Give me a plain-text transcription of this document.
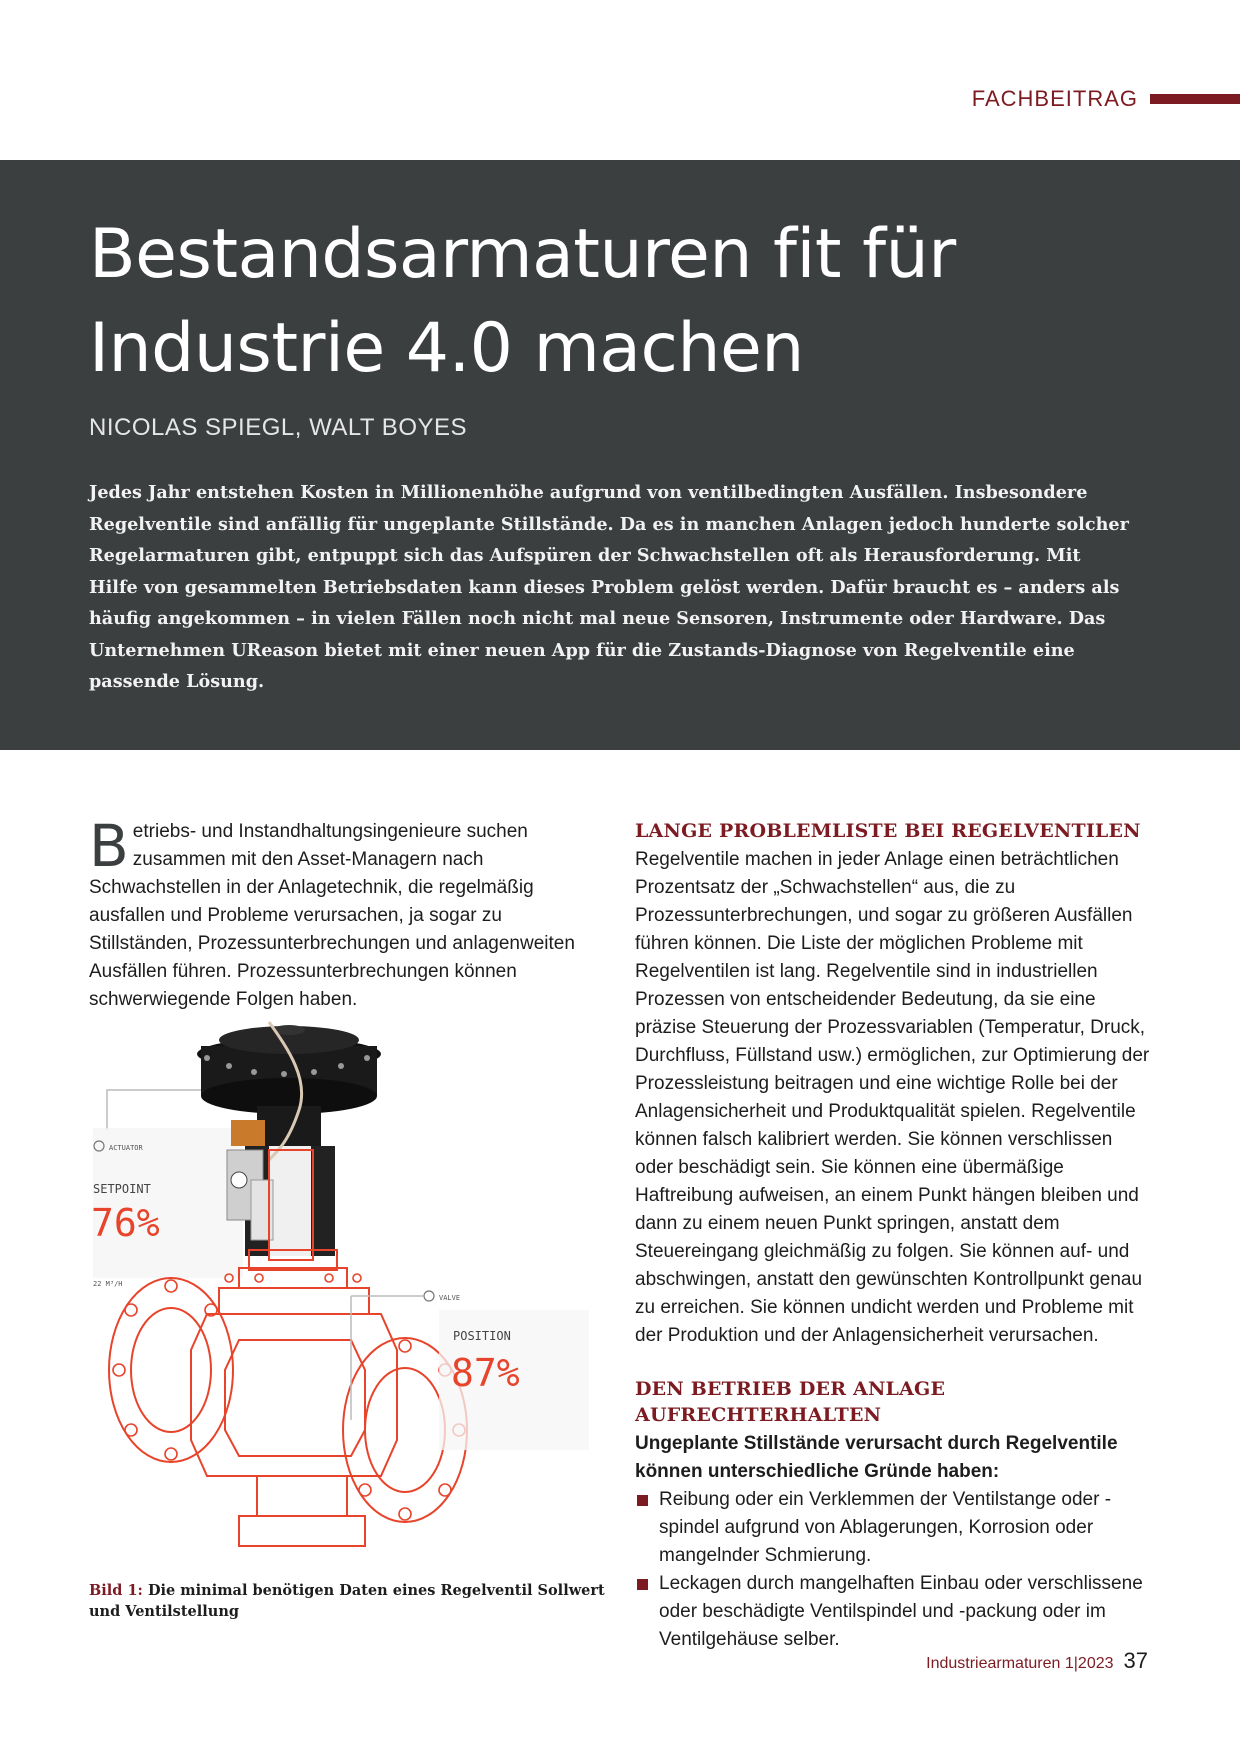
FACHBEITRAG
Bestandsarmaturen fit für
Industrie 4.0 machen
NICOLAS SPIEGL, WALT BOYES
Jedes Jahr entstehen Kosten in Millionenhöhe aufgrund von ventilbedingten Ausfällen. Insbesondere Regelventile sind anfällig für ungeplante Stillstände. Da es in manchen Anlagen jedoch hunderte solcher Regelarmaturen gibt, entpuppt sich das Aufspüren der Schwachstellen oft als Herausforderung. Mit Hilfe von gesammelten Betriebsdaten kann dieses Problem gelöst werden. Dafür braucht es – anders als häufig angekommen – in vielen Fällen noch nicht mal neue Sensoren, Instrumente oder Hardware. Das Unternehmen UReason bietet mit einer neuen App für die Zustands-Diagnose von Regelventile eine passende Lösung.

Betriebs- und Instandhaltungsingenieure suchen zusammen mit den Asset-Managern nach Schwachstellen in der Anlagetechnik, die regelmäßig ausfallen und Probleme verursachen, ja sogar zu Stillständen, Prozessunterbrechungen und anlagenweiten Ausfällen führen. Prozessunterbrechungen können schwerwiegende Folgen haben.

ACTUATOR
SETPOINT
76%
22 M³/H
VALVE
POSITION
87%
Bild 1: Die minimal benötigen Daten eines Regelventil Sollwert und Ventilstellung
LANGE PROBLEMLISTE BEI REGELVENTILEN

Regelventile machen in jeder Anlage einen beträchtlichen Prozentsatz der „Schwachstellen“ aus, die zu Prozessunterbrechungen, und sogar zu größeren Ausfällen führen können. Die Liste der möglichen Probleme mit Regelventilen ist lang. Regelventile sind in industriellen Prozessen von entscheidender Bedeutung, da sie eine präzise Steuerung der Prozessvariablen (Temperatur, Druck, Durchfluss, Füllstand usw.) ermöglichen, zur Optimierung der Prozessleistung beitragen und eine wichtige Rolle bei der Anlagensicherheit und Produktqualität spielen. Regelventile können falsch kalibriert werden. Sie können verschlissen oder beschädigt sein. Sie können eine übermäßige Haftreibung aufweisen, an einem Punkt hängen bleiben und dann zu einem neuen Punkt springen, anstatt dem Steuereingang gleichmäßig zu folgen. Sie können auf- und abschwingen, anstatt den gewünschten Kontrollpunkt genau zu erreichen. Sie können undicht werden und Probleme mit der Produktion und der Anlagensicherheit verursachen.

DEN BETRIEB DER ANLAGE AUFRECHTERHALTEN

Ungeplante Stillstände verursacht durch Regelventile können unterschiedliche Gründe haben:

Reibung oder ein Verklemmen der Ventilstange oder -spindel aufgrund von Ablagerungen, Korrosion oder mangelnder Schmierung.
Leckagen durch mangelhaften Einbau oder verschlissene oder beschädigte Ventilspindel und -packung oder im Ventilgehäuse selber.
Industriearmaturen 1|2023 37
